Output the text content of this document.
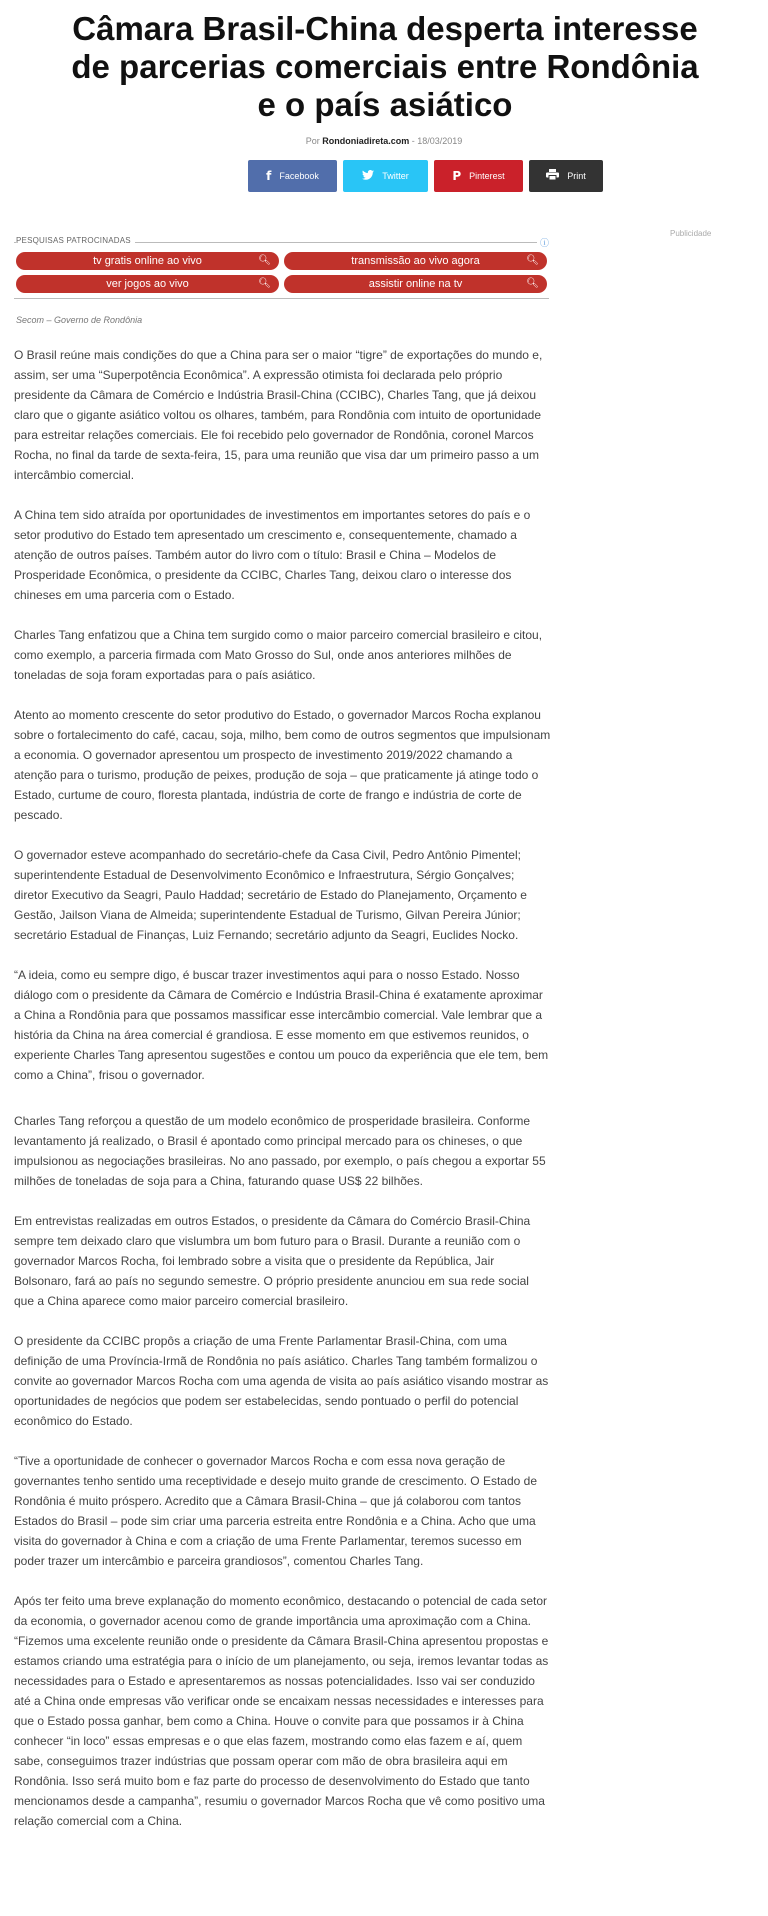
Câmara Brasil-China desperta interesse de parcerias comerciais entre Rondônia e o país asiático
Por Rondoniadireta.com - 18/03/2019
f Facebook	Twitter	P Pinterest	Print
Publicidade
PESQUISAS PATROCINADAS	ⓘ
tv gratis online ao vivo	🔍︎	transmissão ao vivo agora	🔍︎
ver jogos ao vivo	🔍︎	assistir online na tv	🔍︎
Secom – Governo de Rondônia

O Brasil reúne mais condições do que a China para ser o maior “tigre” de exportações do mundo e, assim, ser uma “Superpotência Econômica”. A expressão otimista foi declarada pelo próprio presidente da Câmara de Comércio e Indústria Brasil-China (CCIBC), Charles Tang, que já deixou claro que o gigante asiático voltou os olhares, também, para Rondônia com intuito de oportunidade para estreitar relações comerciais. Ele foi recebido pelo governador de Rondônia, coronel Marcos Rocha, no final da tarde de sexta-feira, 15, para uma reunião que visa dar um primeiro passo a um intercâmbio comercial.

A China tem sido atraída por oportunidades de investimentos em importantes setores do país e o setor produtivo do Estado tem apresentado um crescimento e, consequentemente, chamado a atenção de outros países. Também autor do livro com o título: Brasil e China – Modelos de Prosperidade Econômica, o presidente da CCIBC, Charles Tang, deixou claro o interesse dos chineses em uma parceria com o Estado.

Charles Tang enfatizou que a China tem surgido como o maior parceiro comercial brasileiro e citou, como exemplo, a parceria firmada com Mato Grosso do Sul, onde anos anteriores milhões de toneladas de soja foram exportadas para o país asiático.

Atento ao momento crescente do setor produtivo do Estado, o governador Marcos Rocha explanou sobre o fortalecimento do café, cacau, soja, milho, bem como de outros segmentos que impulsionam a economia. O governador apresentou um prospecto de investimento 2019/2022 chamando a atenção para o turismo, produção de peixes, produção de soja – que praticamente já atinge todo o Estado, curtume de couro, floresta plantada, indústria de corte de frango e indústria de corte de pescado.

O governador esteve acompanhado do secretário-chefe da Casa Civil, Pedro Antônio Pimentel; superintendente Estadual de Desenvolvimento Econômico e Infraestrutura, Sérgio Gonçalves; diretor Executivo da Seagri, Paulo Haddad; secretário de Estado do Planejamento, Orçamento e Gestão, Jailson Viana de Almeida; superintendente Estadual de Turismo, Gilvan Pereira Júnior; secretário Estadual de Finanças, Luiz Fernando; secretário adjunto da Seagri, Euclides Nocko.

“A ideia, como eu sempre digo, é buscar trazer investimentos aqui para o nosso Estado. Nosso diálogo com o presidente da Câmara de Comércio e Indústria Brasil-China é exatamente aproximar a China a Rondônia para que possamos massificar esse intercâmbio comercial. Vale lembrar que a história da China na área comercial é grandiosa. E esse momento em que estivemos reunidos, o experiente Charles Tang apresentou sugestões e contou um pouco da experiência que ele tem, bem como a China”, frisou o governador.

Charles Tang reforçou a questão de um modelo econômico de prosperidade brasileira. Conforme levantamento já realizado, o Brasil é apontado como principal mercado para os chineses, o que impulsionou as negociações brasileiras. No ano passado, por exemplo, o país chegou a exportar 55 milhões de toneladas de soja para a China, faturando quase US$ 22 bilhões.

Em entrevistas realizadas em outros Estados, o presidente da Câmara do Comércio Brasil-China sempre tem deixado claro que vislumbra um bom futuro para o Brasil. Durante a reunião com o governador Marcos Rocha, foi lembrado sobre a visita que o presidente da República, Jair Bolsonaro, fará ao país no segundo semestre. O próprio presidente anunciou em sua rede social que a China aparece como maior parceiro comercial brasileiro.

O presidente da CCIBC propôs a criação de uma Frente Parlamentar Brasil-China, com uma definição de uma Província-Irmã de Rondônia no país asiático. Charles Tang também formalizou o convite ao governador Marcos Rocha com uma agenda de visita ao país asiático visando mostrar as oportunidades de negócios que podem ser estabelecidas, sendo pontuado o perfil do potencial econômico do Estado.

“Tive a oportunidade de conhecer o governador Marcos Rocha e com essa nova geração de governantes tenho sentido uma receptividade e desejo muito grande de crescimento. O Estado de Rondônia é muito próspero. Acredito que a Câmara Brasil-China – que já colaborou com tantos Estados do Brasil – pode sim criar uma parceria estreita entre Rondônia e a China. Acho que uma visita do governador à China e com a criação de uma Frente Parlamentar, teremos sucesso em poder trazer um intercâmbio e parceira grandiosos”, comentou Charles Tang.

Após ter feito uma breve explanação do momento econômico, destacando o potencial de cada setor da economia, o governador acenou como de grande importância uma aproximação com a China. “Fizemos uma excelente reunião onde o presidente da Câmara Brasil-China apresentou propostas e estamos criando uma estratégia para o início de um planejamento, ou seja, iremos levantar todas as necessidades para o Estado e apresentaremos as nossas potencialidades. Isso vai ser conduzido até a China onde empresas vão verificar onde se encaixam nessas necessidades e interesses para que o Estado possa ganhar, bem como a China. Houve o convite para que possamos ir à China conhecer “in loco” essas empresas e o que elas fazem, mostrando como elas fazem e aí, quem sabe, conseguimos trazer indústrias que possam operar com mão de obra brasileira aqui em Rondônia. Isso será muito bom e faz parte do processo de desenvolvimento do Estado que tanto mencionamos desde a campanha”, resumiu o governador Marcos Rocha que vê como positivo uma relação comercial com a China.
